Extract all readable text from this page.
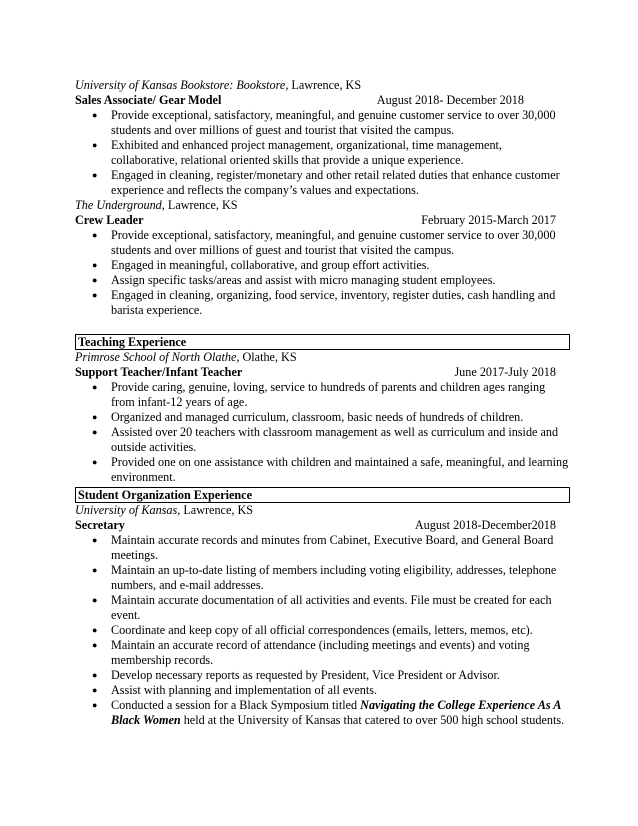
University of Kansas Bookstore: Bookstore, Lawrence, KS
Sales Associate/ Gear Model	August 2018- December 2018
● Provide exceptional, satisfactory, meaningful, and genuine customer service to over 30,000 students and over millions of guest and tourist that visited the campus.
● Exhibited and enhanced project management, organizational, time management, collaborative, relational oriented skills that provide a unique experience.
● Engaged in cleaning, register/monetary and other retail related duties that enhance customer experience and reflects the company’s values and expectations.
The Underground, Lawrence, KS
Crew Leader	February 2015-March 2017
● Provide exceptional, satisfactory, meaningful, and genuine customer service to over 30,000 students and over millions of guest and tourist that visited the campus.
● Engaged in meaningful, collaborative, and group effort activities.
● Assign specific tasks/areas and assist with micro managing student employees.
● Engaged in cleaning, organizing, food service, inventory, register duties, cash handling and barista experience.
Teaching Experience
Primrose School of North Olathe, Olathe, KS
Support Teacher/Infant Teacher	June 2017-July 2018
● Provide caring, genuine, loving, service to hundreds of parents and children ages ranging from infant-12 years of age.
● Organized and managed curriculum, classroom, basic needs of hundreds of children.
● Assisted over 20 teachers with classroom management as well as curriculum and inside and outside activities.
● Provided one on one assistance with children and maintained a safe, meaningful, and learning environment.
Student Organization Experience
University of Kansas, Lawrence, KS
Secretary	August 2018-December2018
● Maintain accurate records and minutes from Cabinet, Executive Board, and General Board meetings.
● Maintain an up-to-date listing of members including voting eligibility, addresses, telephone numbers, and e-mail addresses.
● Maintain accurate documentation of all activities and events. File must be created for each event.
● Coordinate and keep copy of all official correspondences (emails, letters, memos, etc).
● Maintain an accurate record of attendance (including meetings and events) and voting membership records.
● Develop necessary reports as requested by President, Vice President or Advisor.
● Assist with planning and implementation of all events.
● Conducted a session for a Black Symposium titled Navigating the College Experience As A Black Women held at the University of Kansas that catered to over 500 high school students.
